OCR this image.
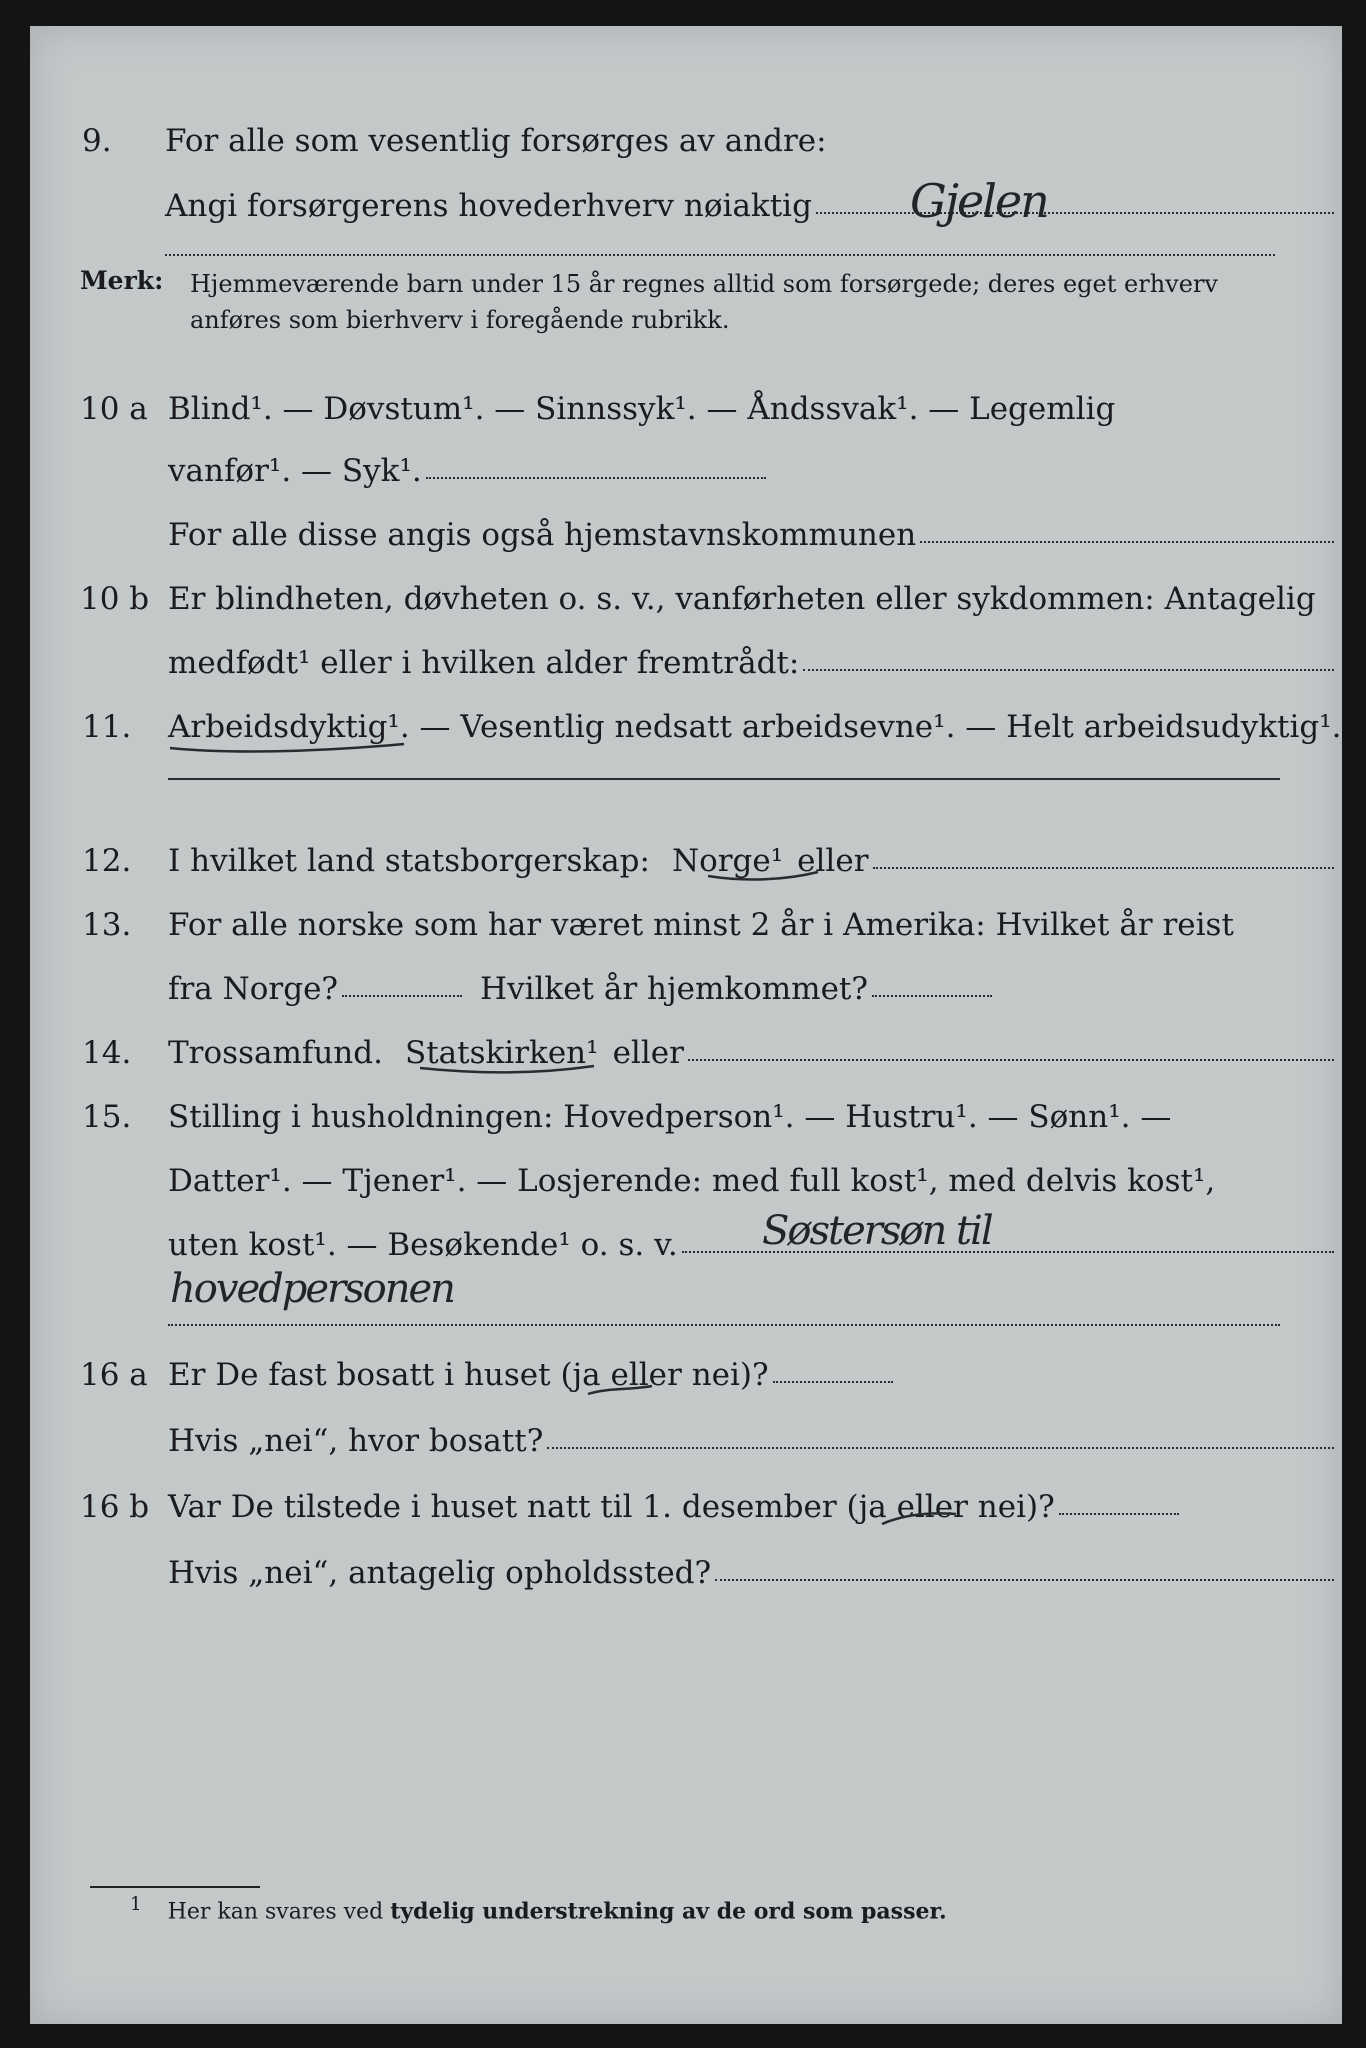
9. For alle som vesentlig forsørges av andre:
Angi forsørgerens hovederhverv nøiaktig Gjelen
Merk: Hjemmeværende barn under 15 år regnes alltid som forsørgede; deres eget erhverv
anføres som bierhverv i foregående rubrikk.
10 a Blind¹. — Døvstum¹. — Sinnssyk¹. — Åndssvak¹. — Legemlig
vanfør¹. — Syk¹.
For alle disse angis også hjemstavnskommunen
10 b Er blindheten, døvheten o. s. v., vanførheten eller sykdommen: Antagelig
medfødt¹ eller i hvilken alder fremtrådt:
11. Arbeidsdyktig¹. — Vesentlig nedsatt arbeidsevne¹. — Helt arbeidsudyktig¹.
12. I hvilket land statsborgerskap: Norge¹ eller
13. For alle norske som har været minst 2 år i Amerika: Hvilket år reist
fra Norge?	Hvilket år hjemkommet?
14. Trossamfund. Statskirken¹ eller
15. Stilling i husholdningen: Hovedperson¹. — Hustru¹. — Sønn¹. —
Datter¹. — Tjener¹. — Losjerende: med full kost¹, med delvis kost¹,
uten kost¹. — Besøkende¹ o. s. v. Søstersøn til
hovedpersonen
16 a Er De fast bosatt i huset (ja eller nei)?
Hvis „nei“, hvor bosatt?
16 b Var De tilstede i huset natt til 1. desember (ja eller nei)?
Hvis „nei“, antagelig opholdssted?
$^1$ Her kan svares ved tydelig understrekning av de ord som passer.
